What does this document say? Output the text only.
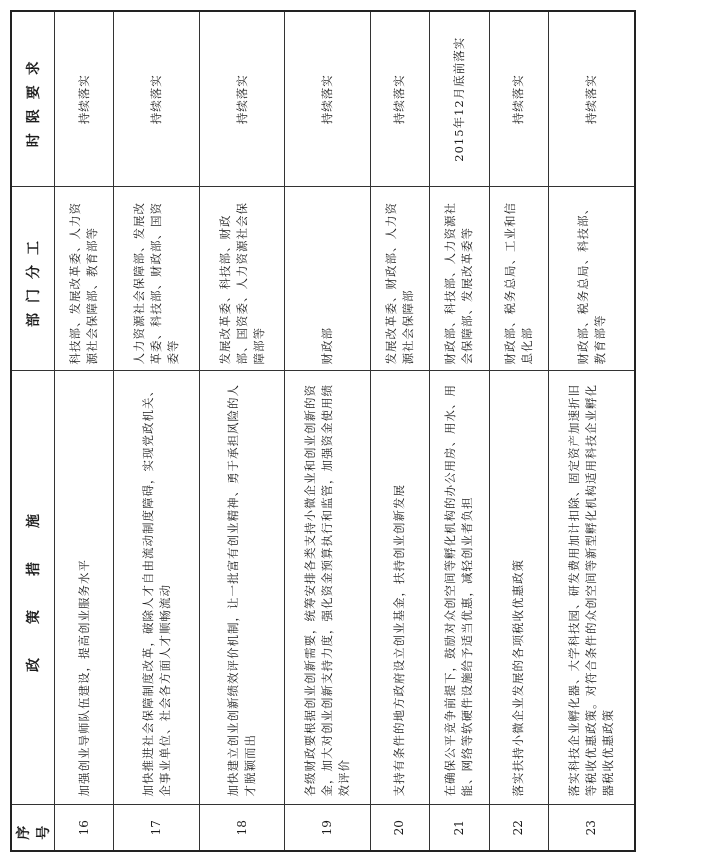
序号	政　策　措　施	部门分工	时限要求
16	加强创业导师队伍建设，提高创业服务水平	科技部、发展改革委、人力资源社会保障部、教育部等	持续落实
17	加快推进社会保障制度改革，破除人才自由流动制度障碍，实现党政机关、企事业单位、社会各方面人才顺畅流动	人力资源社会保障部、发展改革委、科技部、财政部、国资委等	持续落实
18	加快建立创业创新绩效评价机制，让一批富有创业精神、勇于承担风险的人才脱颖而出	发展改革委、科技部、财政部、国资委、人力资源社会保障部等	持续落实
19	各级财政要根据创业创新需要，统筹安排各类支持小微企业和创业创新的资金，加大对创业创新支持力度，强化资金预算执行和监管，加强资金使用绩效评价	财政部	持续落实
20	支持有条件的地方政府设立创业基金，扶持创业创新发展	发展改革委、财政部、人力资源社会保障部	持续落实
21	在确保公平竞争前提下，鼓励对众创空间等孵化机构的办公用房、用水、用能、网络等软硬件设施给予适当优惠，减轻创业者负担	财政部、科技部、人力资源社会保障部、发展改革委等	2015年12月底前落实
22	落实扶持小微企业发展的各项税收优惠政策	财政部、税务总局、工业和信息化部	持续落实
23	落实科技企业孵化器、大学科技园、研发费用加计扣除、固定资产加速折旧等税收优惠政策。对符合条件的众创空间等新型孵化机构适用科技企业孵化器税收优惠政策	财政部、税务总局、科技部、教育部等	持续落实
